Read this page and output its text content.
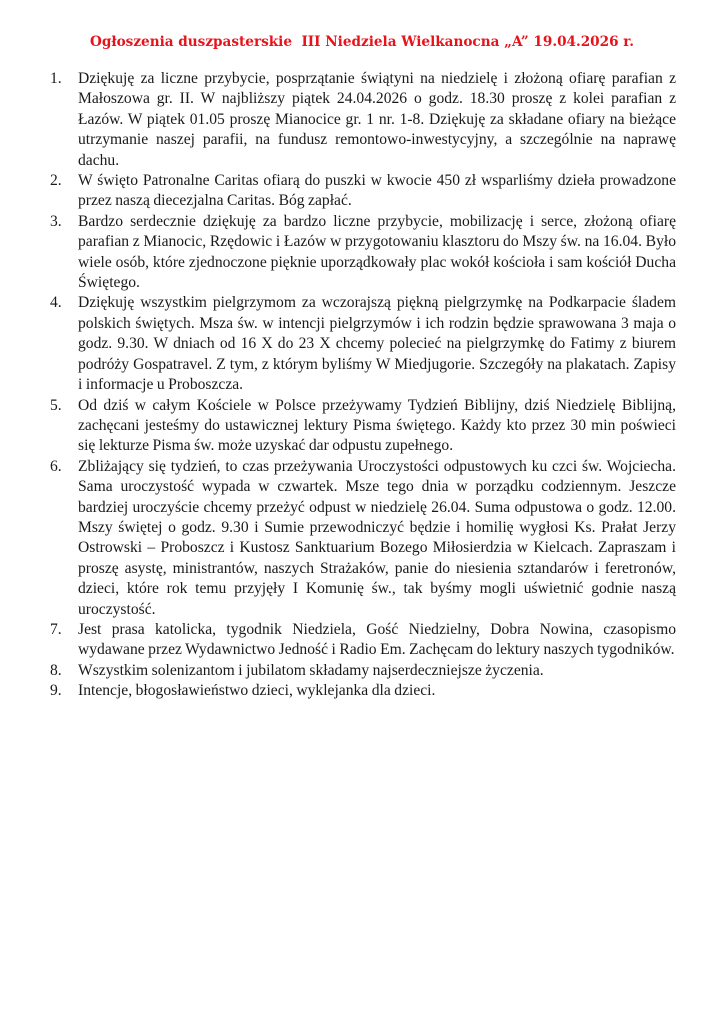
Ogłoszenia duszpasterskie  III Niedziela Wielkanocna „A” 19.04.2026 r.
1.	Dziękuję za liczne przybycie, posprzątanie świątyni na niedzielę i złożoną ofiarę parafian z Małoszowa gr. II. W najbliższy piątek 24.04.2026 o godz. 18.30 proszę z kolei parafian z Łazów. W piątek 01.05 proszę Mianocice gr. 1 nr. 1-8. Dziękuję za składane ofiary na bieżące utrzymanie naszej parafii, na fundusz remontowo-inwestycyjny, a szczególnie na naprawę dachu.
2.	W święto Patronalne Caritas ofiarą do puszki w kwocie 450 zł wsparliśmy dzieła prowadzone przez naszą diecezjalna Caritas. Bóg zapłać.
3.	Bardzo serdecznie dziękuję za bardzo liczne przybycie, mobilizację i serce, złożoną ofiarę parafian z Mianocic, Rzędowic i Łazów w przygotowaniu klasztoru do Mszy św. na 16.04. Było wiele osób, które zjednoczone pięknie uporządkowały plac wokół kościoła i sam kościół Ducha Świętego.
4.	Dziękuję wszystkim pielgrzymom za wczorajszą piękną pielgrzymkę na Podkarpacie śladem polskich świętych. Msza św. w intencji pielgrzymów i ich rodzin będzie sprawowana 3 maja o godz. 9.30. W dniach od 16 X do 23 X chcemy polecieć na pielgrzymkę do Fatimy z biurem podróży Gospatravel. Z tym, z którym byliśmy W Miedjugorie. Szczegóły na plakatach. Zapisy i informacje u Proboszcza.
5.	Od dziś w całym Kościele w Polsce przeżywamy Tydzień Biblijny, dziś Niedzielę Biblijną, zachęcani jesteśmy do ustawicznej lektury Pisma świętego. Każdy kto przez 30 min poświeci się lekturze Pisma św. może uzyskać dar odpustu zupełnego.
6.	Zbliżający się tydzień, to czas przeżywania Uroczystości odpustowych ku czci św. Wojciecha. Sama uroczystość wypada w czwartek. Msze tego dnia w porządku codziennym. Jeszcze bardziej uroczyście chcemy przeżyć odpust w niedzielę 26.04. Suma odpustowa o godz. 12.00. Mszy świętej o godz. 9.30 i Sumie przewodniczyć będzie i homilię wygłosi Ks. Prałat Jerzy Ostrowski – Proboszcz i Kustosz Sanktuarium Bozego Miłosierdzia w Kielcach. Zapraszam i proszę asystę, ministrantów, naszych Strażaków, panie do niesienia sztandarów i feretronów, dzieci, które rok temu przyjęły I Komunię św., tak byśmy mogli uświetnić godnie naszą uroczystość.
7.	Jest prasa katolicka, tygodnik Niedziela, Gość Niedzielny, Dobra Nowina, czasopismo wydawane przez Wydawnictwo Jedność i Radio Em. Zachęcam do lektury naszych tygodników.
8.	Wszystkim solenizantom i jubilatom składamy najserdeczniejsze życzenia.
9.	Intencje, błogosławieństwo dzieci, wyklejanka dla dzieci.
